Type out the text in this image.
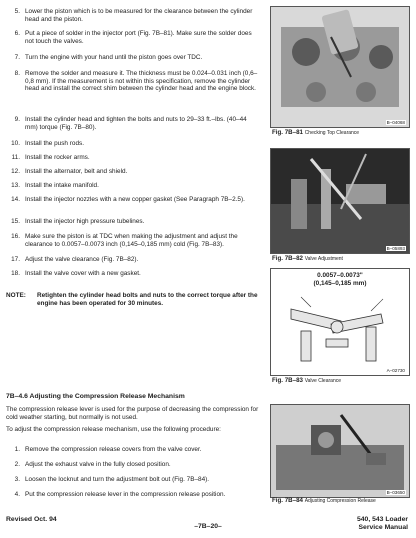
5. Lower the piston which is to be measured for the clearance between the cylinder head and the piston.
6. Put a piece of solder in the injector port (Fig. 7B–81). Make sure the solder does not touch the valves.
7. Turn the engine with your hand until the piston goes over TDC.
8. Remove the solder and measure it. The thickness must be 0.024–0.031 inch (0,6–0,8 mm). If the measurement is not within this specification, remove the cylinder head and install the correct shim between the cylinder head and the engine block.
9. Install the cylinder head and tighten the bolts and nuts to 29–33 ft.–lbs. (40–44 mm) torque (Fig. 7B–80).
10. Install the push rods.
11. Install the rocker arms.
12. Install the alternator, belt and shield.
13. Install the intake manifold.
14. Install the injector nozzles with a new copper gasket (See Paragraph 7B–2.5).
15. Install the injector high pressure tubelines.
16. Make sure the piston is at TDC when making the adjustment and adjust the clearance to 0.0057–0.0073 inch (0,145–0,185 mm) cold (Fig. 7B–83).
17. Adjust the valve clearance (Fig. 7B–82).
18. Install the valve cover with a new gasket.
NOTE: Retighten the cylinder head bolts and nuts to the correct torque after the engine has been operated for 30 minutes.
7B–4.6 Adjusting the Compression Release Mechanism
The compression release lever is used for the purpose of decreasing the compression for cold weather starting, but normally is not used.
To adjust the compression release mechanism, use the following procedure:
1. Remove the compression release covers from the valve cover.
2. Adjust the exhaust valve in the fully closed position.
3. Loosen the locknut and turn the adjustment bolt out (Fig. 7B–84).
4. Put the compression release lever in the compression release position.
B–04068
Fig. 7B–81 Checking Top Clearance
B–05893
Fig. 7B–82 Valve Adjustment
A–02730
0.0057–0.0073"
(0,145–0,185 mm)
Fig. 7B–83 Valve Clearance
B–03650
Fig. 7B–84 Adjusting Compression Release
Revised Oct. 94
–7B–20–
540, 543 Loader
Service Manual
